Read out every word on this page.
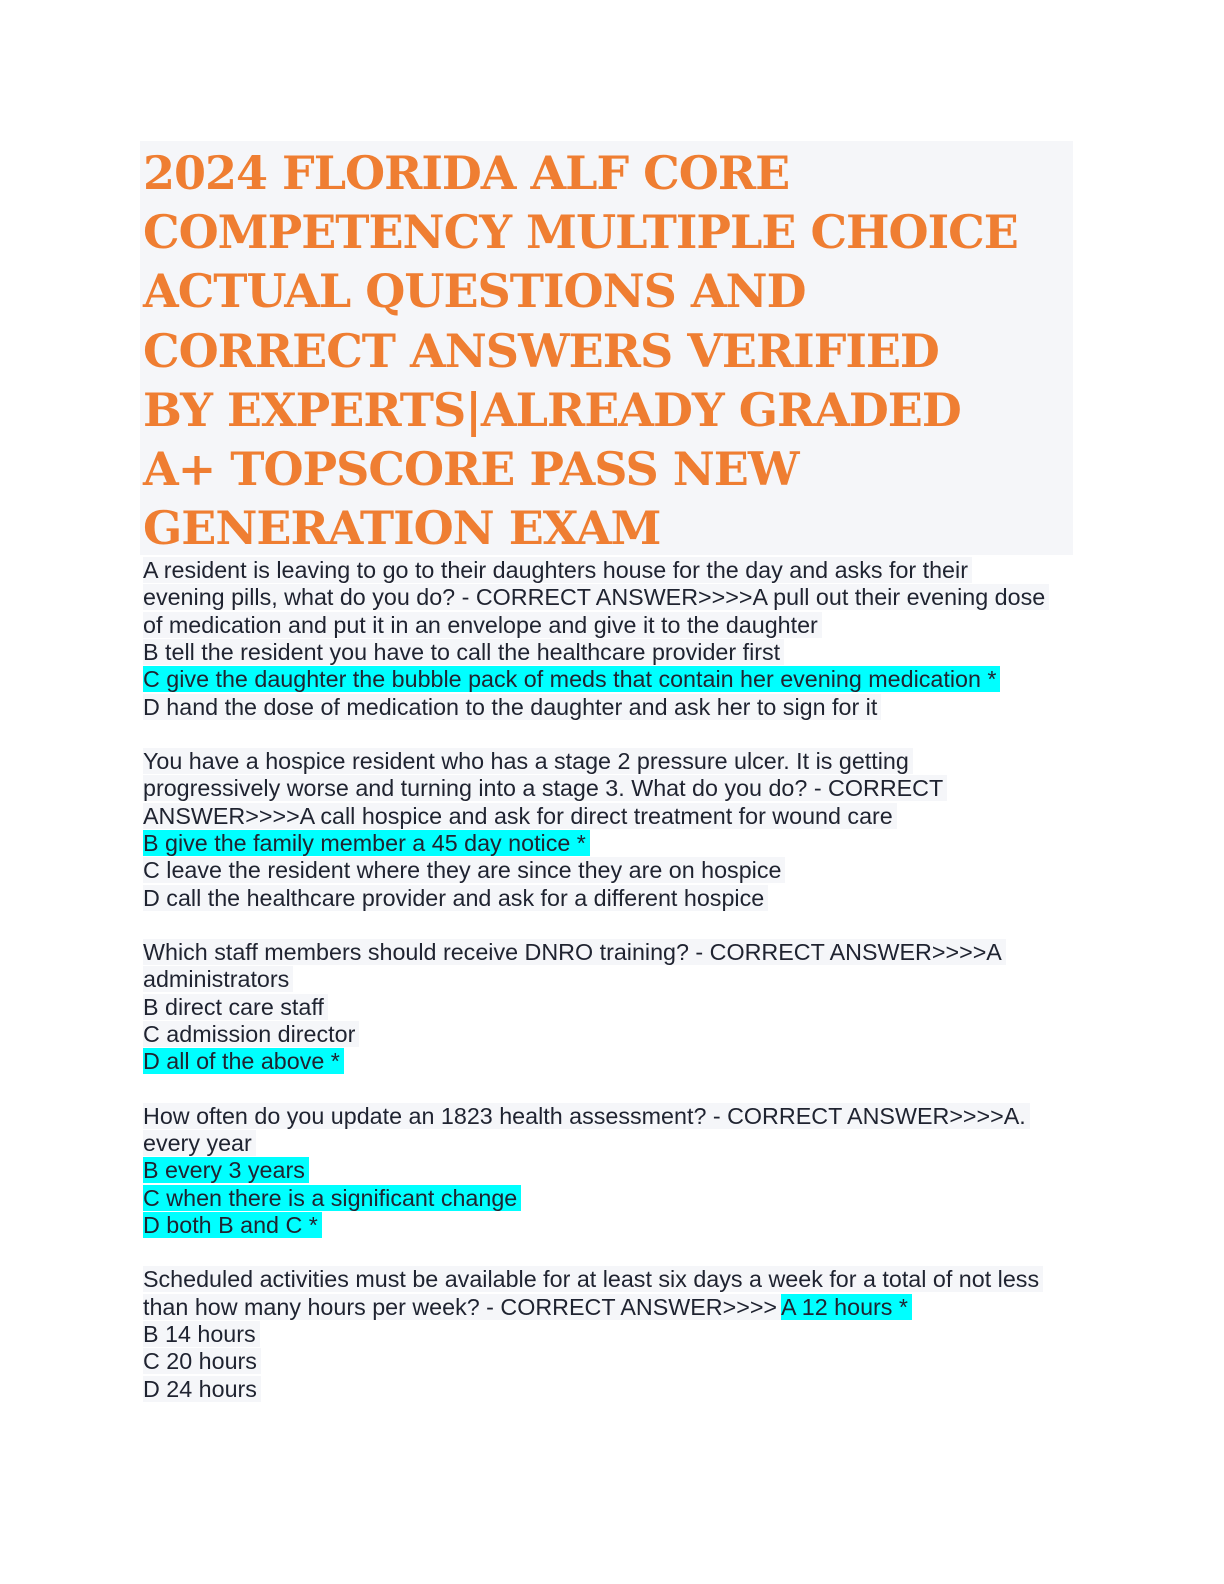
2024 FLORIDA ALF CORE
COMPETENCY MULTIPLE CHOICE
ACTUAL QUESTIONS AND
CORRECT ANSWERS VERIFIED
BY EXPERTS|ALREADY GRADED
A+ TOPSCORE PASS NEW
GENERATION EXAM
A resident is leaving to go to their daughters house for the day and asks for their
evening pills, what do you do? - CORRECT ANSWER>>>>A pull out their evening dose
of medication and put it in an envelope and give it to the daughter
B tell the resident you have to call the healthcare provider first
C give the daughter the bubble pack of meds that contain her evening medication *
D hand the dose of medication to the daughter and ask her to sign for it
You have a hospice resident who has a stage 2 pressure ulcer. It is getting
progressively worse and turning into a stage 3. What do you do? - CORRECT
ANSWER>>>>A call hospice and ask for direct treatment for wound care
B give the family member a 45 day notice *
C leave the resident where they are since they are on hospice
D call the healthcare provider and ask for a different hospice
Which staff members should receive DNRO training? - CORRECT ANSWER>>>>A
administrators
B direct care staff
C admission director
D all of the above *
How often do you update an 1823 health assessment? - CORRECT ANSWER>>>>A.
every year
B every 3 years
C when there is a significant change
D both B and C *
Scheduled activities must be available for at least six days a week for a total of not less
than how many hours per week? - CORRECT ANSWER>>>> A 12 hours *
B 14 hours
C 20 hours
D 24 hours
